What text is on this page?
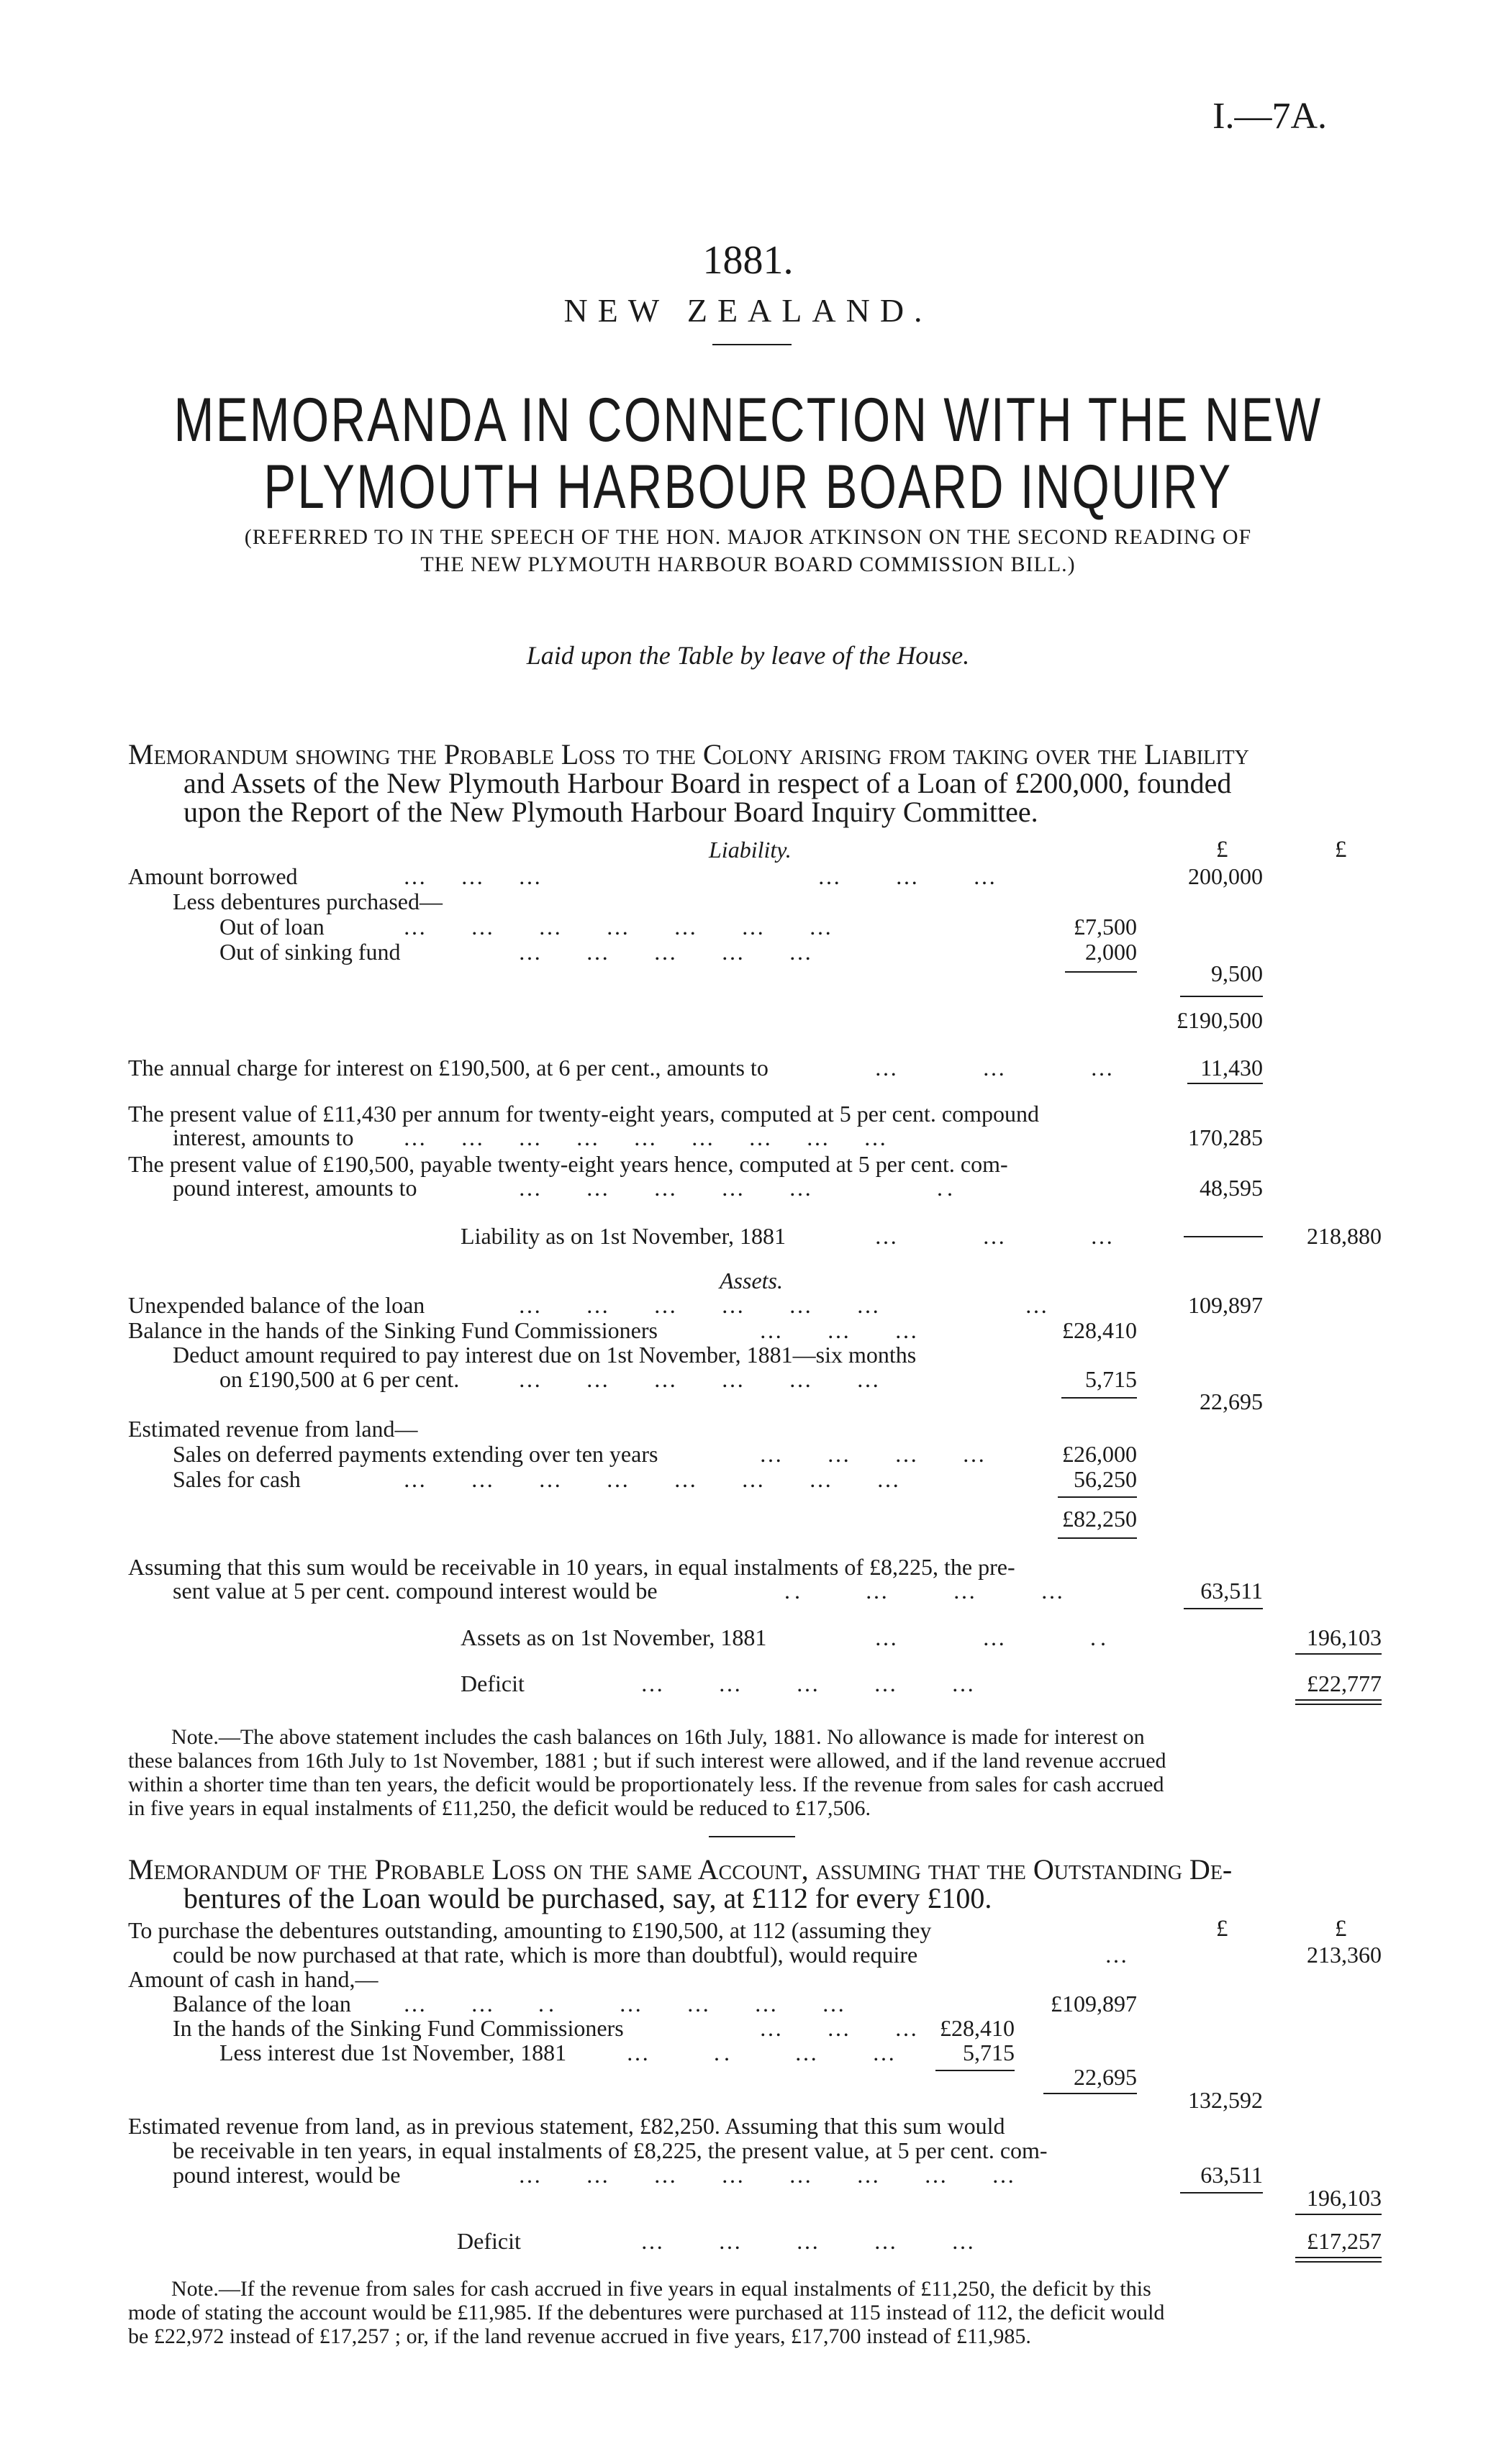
I.—7A.
1881.
NEW ZEALAND.
MEMORANDA IN CONNECTION WITH THE NEW
PLYMOUTH HARBOUR BOARD INQUIRY
(REFERRED TO IN THE SPEECH OF THE HON. MAJOR ATKINSON ON THE SECOND READING OF
THE NEW PLYMOUTH HARBOUR BOARD COMMISSION BILL.)
Laid upon the Table by leave of the House.
Memorandum showing the Probable Loss to the Colony arising from taking over the Liability
and Assets of the New Plymouth Harbour Board in respect of a Loan of £200,000, founded
upon the Report of the New Plymouth Harbour Board Inquiry Committee.
Liability.	£	£
Amount borrowed	…   …   …                           …     …     …	200,000
Less debentures purchased—
Out of loan	…    …    …    …    …    …    …	£7,500
Out of sinking fund	…    …    …    …    …	2,000
9,500
£190,500
The annual charge for interest on £190,500, at 6 per cent., amounts to	…        …        …	11,430
The present value of £11,430 per annum for twenty-eight years, computed at 5 per cent. compound
interest, amounts to …   …   …   …   …   …   …   …   …	170,285
The present value of £190,500, payable twenty-eight years hence, computed at 5 per cent. com-
pound interest, amounts to	…    …    …    …    …            ..	48,595
Liability as on 1st November, 1881	…        …        …	218,880
Assets.
Unexpended balance of the loan	…    …    …    …    …    …              …	109,897
Balance in the hands of the Sinking Fund Commissioners	…    …    …	£28,410
Deduct amount required to pay interest due on 1st November, 1881—six months
on £190,500 at 6 per cent.	…    …    …    …    …    …	5,715
22,695
Estimated revenue from land—
Sales on deferred payments extending over ten years	…    …    …    …	£26,000
Sales for cash	…    …    …    …    …    …    …    …	56,250
£82,250
Assuming that this sum would be receivable in 10 years, in equal instalments of £8,225, the pre-
sent value at 5 per cent. compound interest would be	..      …      …      …	63,511
Assets as on 1st November, 1881	…        …        ..	196,103
Deficit	…     …     …     …     …	£22,777
Note.—The above statement includes the cash balances on 16th July, 1881. No allowance is made for interest on
these balances from 16th July to 1st November, 1881 ; but if such interest were allowed, and if the land revenue accrued
within a shorter time than ten years, the deficit would be proportionately less. If the revenue from sales for cash accrued
in five years in equal instalments of £11,250, the deficit would be reduced to £17,506.
Memorandum of the Probable Loss on the same Account, assuming that the Outstanding De-
bentures of the Loan would be purchased, say, at £112 for every £100.
£	£
To purchase the debentures outstanding, amounting to £190,500, at 112 (assuming they
could be now purchased at that rate, which is more than doubtful), would require	…	213,360
Amount of cash in hand,—
Balance of the loan …    …    ..      …    …    …    …	£109,897
In the hands of the Sinking Fund Commissioners	…    …    … £28,410
Less interest due 1st November, 1881	…      ..      …     …	5,715
22,695
132,592
Estimated revenue from land, as in previous statement, £82,250. Assuming that this sum would
be receivable in ten years, in equal instalments of £8,225, the present value, at 5 per cent. com-
pound interest, would be	…    …    …    …    …    …    …    …	63,511
196,103
Deficit	…     …     …     …     …	£17,257
Note.—If the revenue from sales for cash accrued in five years in equal instalments of £11,250, the deficit by this
mode of stating the account would be £11,985. If the debentures were purchased at 115 instead of 112, the deficit would
be £22,972 instead of £17,257 ; or, if the land revenue accrued in five years, £17,700 instead of £11,985.
